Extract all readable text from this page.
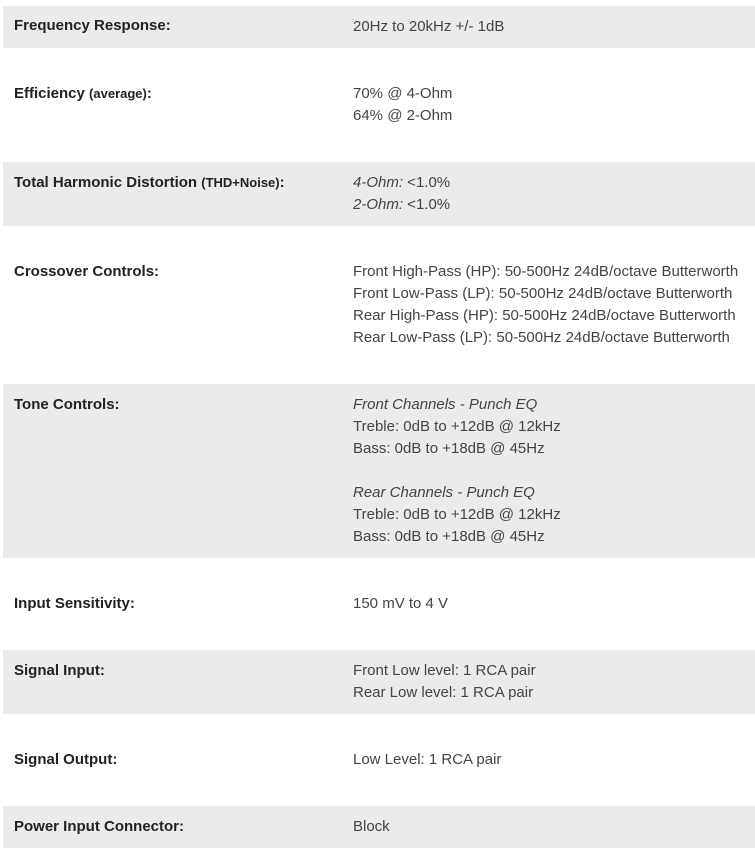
Frequency Response:	20Hz to 20kHz +/- 1dB
Efficiency (average):	70% @ 4-Ohm
64% @ 2-Ohm
Total Harmonic Distortion (THD+Noise):	4-Ohm: <1.0%
2-Ohm: <1.0%
Crossover Controls:	Front High-Pass (HP): 50-500Hz 24dB/octave Butterworth
Front Low-Pass (LP): 50-500Hz 24dB/octave Butterworth
Rear High-Pass (HP): 50-500Hz 24dB/octave Butterworth
Rear Low-Pass (LP): 50-500Hz 24dB/octave Butterworth
Tone Controls:	Front Channels - Punch EQ
Treble: 0dB to +12dB @ 12kHz
Bass: 0dB to +18dB @ 45Hz
Rear Channels - Punch EQ
Treble: 0dB to +12dB @ 12kHz
Bass: 0dB to +18dB @ 45Hz
Input Sensitivity:	150 mV to 4 V
Signal Input:	Front Low level: 1 RCA pair
Rear Low level: 1 RCA pair
Signal Output:	Low Level: 1 RCA pair
Power Input Connector:	Block
